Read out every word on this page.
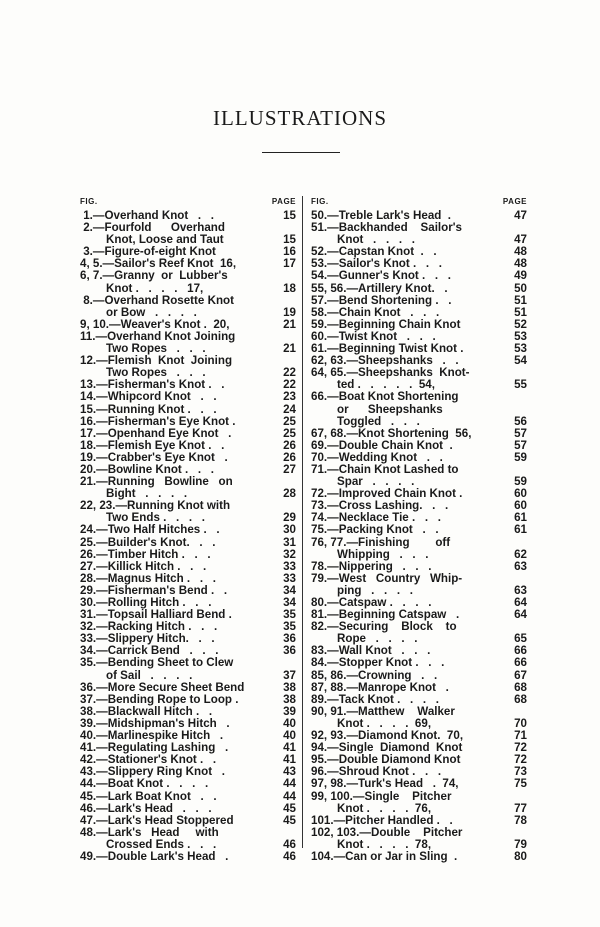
ILLUSTRATIONS
FIG.	PAGE
1.—Overhand Knot   .   .	15
2.—Fourfold      Overhand
Knot, Loose and Taut	15
3.—Figure-of-eight Knot	16
4, 5.—Sailor's Reef Knot  16,	17
6, 7.—Granny  or  Lubber's
Knot .   .   .   .   17,	18
8.—Overhand Rosette Knot
or Bow   .   .   .   .	19
9, 10.—Weaver's Knot .  20,	21
11.—Overhand Knot Joining
Two Ropes   .   .   .	21
12.—Flemish  Knot  Joining
Two Ropes   .   .   .	22
13.—Fisherman's Knot .   .	22
14.—Whipcord Knot   .   .	23
15.—Running Knot .   .   .	24
16.—Fisherman's Eye Knot .	25
17.—Openhand Eye Knot   .	25
18.—Flemish Eye Knot .   .	26
19.—Crabber's Eye Knot   .	26
20.—Bowline Knot .   .   .	27
21.—Running   Bowline   on
Bight   .   .   .   .	28
22, 23.—Running Knot with
Two Ends .   .   .   .	29
24.—Two Half Hitches .   .	30
25.—Builder's Knot.   .   .	31
26.—Timber Hitch .   .   .	32
27.—Killick Hitch .   .   .	33
28.—Magnus Hitch .   .   .	33
29.—Fisherman's Bend .   .	34
30.—Rolling Hitch .   .   .	34
31.—Topsail Halliard Bend .	35
32.—Racking Hitch .   .   .	35
33.—Slippery Hitch.   .   .	36
34.—Carrick Bend   .   .   .	36
35.—Bending Sheet to Clew
of Sail   .   .   .   .	37
36.—More Secure Sheet Bend	38
37.—Bending Rope to Loop .	38
38.—Blackwall Hitch .   .	39
39.—Midshipman's Hitch   .	40
40.—Marlinespike Hitch   .	40
41.—Regulating Lashing   .	41
42.—Stationer's Knot .   .	41
43.—Slippery Ring Knot   .	43
44.—Boat Knot .   .   .   .	44
45.—Lark Boat Knot   .   .	44
46.—Lark's Head   .   .   .	45
47.—Lark's Head Stoppered	45
48.—Lark's   Head     with
Crossed Ends .   .   .	46
49.—Double Lark's Head   .	46
FIG.	PAGE
50.—Treble Lark's Head  .	47
51.—Backhanded    Sailor's
Knot   .   .   .   .	47
52.—Capstan Knot  .   .	48
53.—Sailor's Knot .   .   .	48
54.—Gunner's Knot .   .   .	49
55, 56.—Artillery Knot.   .	50
57.—Bend Shortening .   .	51
58.—Chain Knot   .   .   .	51
59.—Beginning Chain Knot	52
60.—Twist Knot   .   .   .	53
61.—Beginning Twist Knot .	53
62, 63.—Sheepshanks   .   .	54
64, 65.—Sheepshanks  Knot-
ted .   .   .   .   .  54,	55
66.—Boat Knot Shortening
or      Sheepshanks
Toggled   .   .   .	56
67, 68.—Knot Shortening  56,	57
69.—Double Chain Knot  .	57
70.—Wedding Knot   .   .	59
71.—Chain Knot Lashed to
Spar   .   .   .   .	59
72.—Improved Chain Knot .	60
73.—Cross Lashing.   .   .	60
74.—Necklace Tie .   .   .	61
75.—Packing Knot   .   .	61
76, 77.—Finishing        off
Whipping   .   .   .	62
78.—Nippering   .   .   .	63
79.—West   Country   Whip-
ping   .   .   .   .	63
80.—Catspaw .   .   .   .	64
81.—Beginning Catspaw   .	64
82.—Securing    Block    to
Rope   .   .   .   .	65
83.—Wall Knot   .   .   .	66
84.—Stopper Knot .   .   .	66
85, 86.—Crowning   .   .	67
87, 88.—Manrope Knot   .	68
89.—Tack Knot .   .   .   .	68
90, 91.—Matthew    Walker
Knot .   .   .   .  69,	70
92, 93.—Diamond Knot.  70,	71
94.—Single  Diamond  Knot	72
95.—Double Diamond Knot	72
96.—Shroud Knot .   .   .	73
97, 98.—Turk's Head   .  74,	75
99, 100.—Single    Pitcher
Knot .   .   .   .  76,	77
101.—Pitcher Handled .   .	78
102, 103.—Double    Pitcher
Knot .   .   .   .  78,	79
104.—Can or Jar in Sling  .	80
